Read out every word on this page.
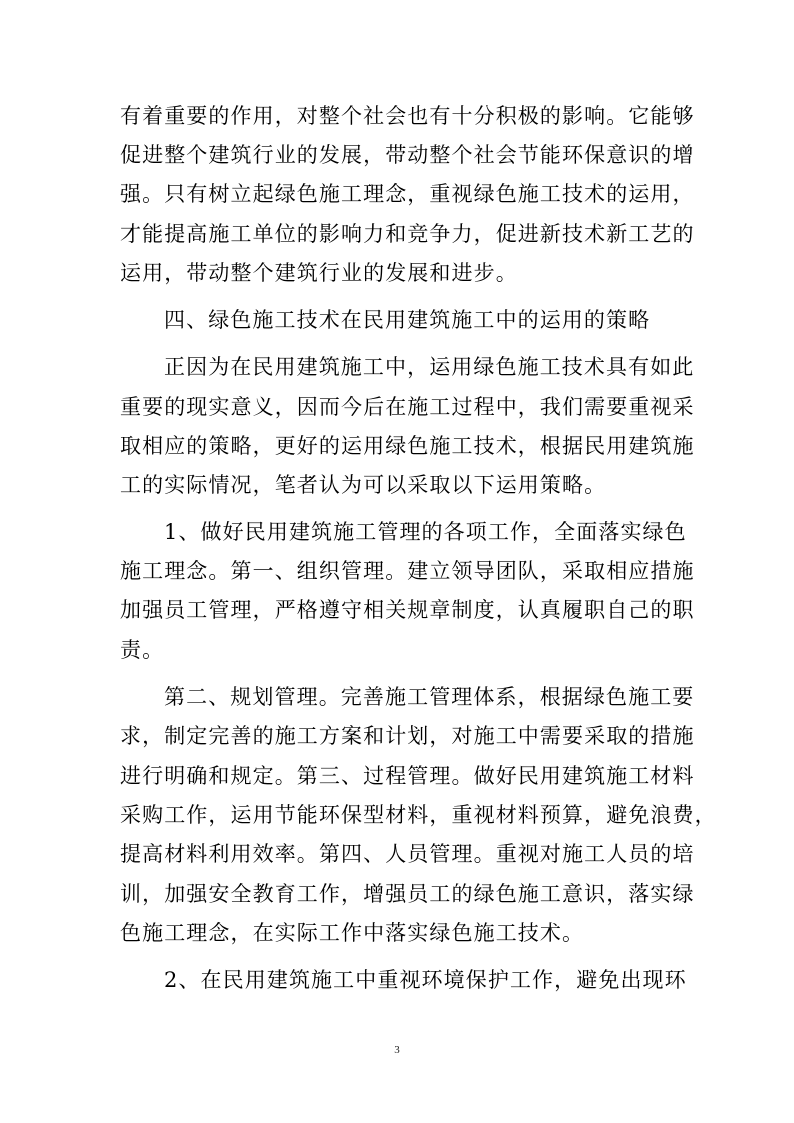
有着重要的作用，对整个社会也有十分积极的影响。它能够
促进整个建筑行业的发展，带动整个社会节能环保意识的增
强。只有树立起绿色施工理念，重视绿色施工技术的运用，
才能提高施工单位的影响力和竞争力，促进新技术新工艺的
运用，带动整个建筑行业的发展和进步。
四、绿色施工技术在民用建筑施工中的运用的策略
正因为在民用建筑施工中，运用绿色施工技术具有如此
重要的现实意义，因而今后在施工过程中，我们需要重视采
取相应的策略，更好的运用绿色施工技术，根据民用建筑施
工的实际情况，笔者认为可以采取以下运用策略。
1、做好民用建筑施工管理的各项工作，全面落实绿色
施工理念。第一、组织管理。建立领导团队，采取相应措施
加强员工管理，严格遵守相关规章制度，认真履职自己的职
责。
第二、规划管理。完善施工管理体系，根据绿色施工要
求，制定完善的施工方案和计划，对施工中需要采取的措施
进行明确和规定。第三、过程管理。做好民用建筑施工材料
采购工作，运用节能环保型材料，重视材料预算，避免浪费，
提高材料利用效率。第四、人员管理。重视对施工人员的培
训，加强安全教育工作，增强员工的绿色施工意识，落实绿
色施工理念，在实际工作中落实绿色施工技术。
2、在民用建筑施工中重视环境保护工作，避免出现环
3
